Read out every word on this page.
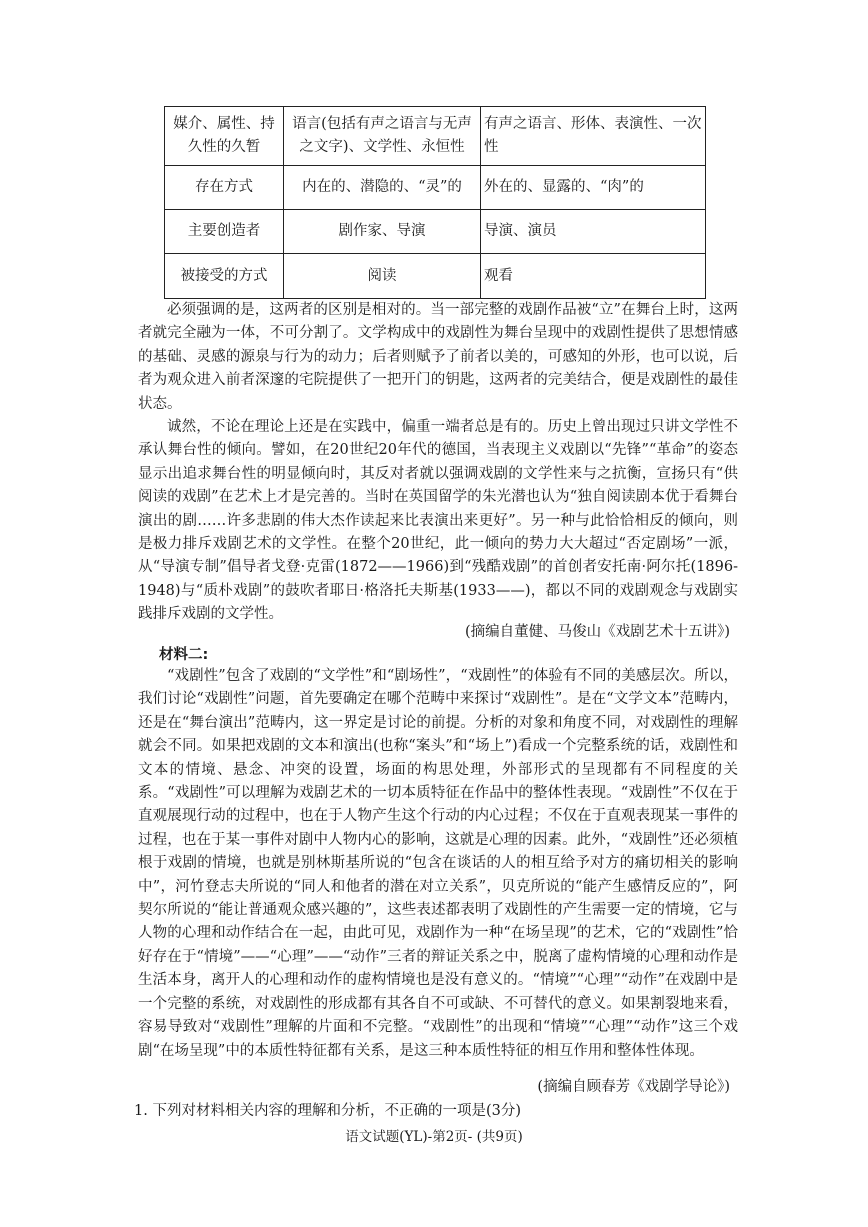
媒介、属性、持久性的久暂	语言(包括有声之语言与无声之文字)、文学性、永恒性	有声之语言、形体、表演性、一次性
存在方式	内在的、潜隐的、“灵”的	外在的、显露的、“肉”的
主要创造者	剧作家、导演	导演、演员
被接受的方式	阅读	观看

必须强调的是，这两者的区别是相对的。当一部完整的戏剧作品被“立”在舞台上时，这两者就完全融为一体，不可分割了。文学构成中的戏剧性为舞台呈现中的戏剧性提供了思想情感的基础、灵感的源泉与行为的动力；后者则赋予了前者以美的，可感知的外形，也可以说，后者为观众进入前者深邃的宅院提供了一把开门的钥匙，这两者的完美结合，便是戏剧性的最佳状态。

诚然，不论在理论上还是在实践中，偏重一端者总是有的。历史上曾出现过只讲文学性不承认舞台性的倾向。譬如，在20世纪20年代的德国，当表现主义戏剧以“先锋”“革命”的姿态显示出追求舞台性的明显倾向时，其反对者就以强调戏剧的文学性来与之抗衡，宣扬只有“供阅读的戏剧”在艺术上才是完善的。当时在英国留学的朱光潜也认为“独自阅读剧本优于看舞台演出的剧……许多悲剧的伟大杰作读起来比表演出来更好”。另一种与此恰恰相反的倾向，则是极力排斥戏剧艺术的文学性。在整个20世纪，此一倾向的势力大大超过“否定剧场”一派，从“导演专制”倡导者戈登·克雷(1872——1966)到“残酷戏剧”的首创者安托南·阿尔托(1896-1948)与“质朴戏剧”的鼓吹者耶日·格洛托夫斯基(1933——)，都以不同的戏剧观念与戏剧实践排斥戏剧的文学性。

(摘编自董健、马俊山《戏剧艺术十五讲》)
材料二:

“戏剧性”包含了戏剧的“文学性”和“剧场性”，“戏剧性”的体验有不同的美感层次。所以，我们讨论“戏剧性”问题，首先要确定在哪个范畴中来探讨“戏剧性”。是在“文学文本”范畴内，还是在“舞台演出”范畴内，这一界定是讨论的前提。分析的对象和角度不同，对戏剧性的理解就会不同。如果把戏剧的文本和演出(也称“案头”和“场上”)看成一个完整系统的话，戏剧性和文本的情境、悬念、冲突的设置，场面的构思处理，外部形式的呈现都有不同程度的关系。“戏剧性”可以理解为戏剧艺术的一切本质特征在作品中的整体性表现。“戏剧性”不仅在于直观展现行动的过程中，也在于人物产生这个行动的内心过程；不仅在于直观表现某一事件的过程，也在于某一事件对剧中人物内心的影响，这就是心理的因素。此外，“戏剧性”还必须植根于戏剧的情境，也就是别林斯基所说的“包含在谈话的人的相互给予对方的痛切相关的影响中”，河竹登志夫所说的“同人和他者的潜在对立关系”，贝克所说的“能产生感情反应的”，阿契尔所说的“能让普通观众感兴趣的”，这些表述都表明了戏剧性的产生需要一定的情境，它与人物的心理和动作结合在一起，由此可见，戏剧作为一种“在场呈现”的艺术，它的“戏剧性”恰好存在于“情境”——“心理”——“动作”三者的辩证关系之中，脱离了虚构情境的心理和动作是生活本身，离开人的心理和动作的虚构情境也是没有意义的。“情境”“心理”“动作”在戏剧中是一个完整的系统，对戏剧性的形成都有其各自不可或缺、不可替代的意义。如果割裂地来看，容易导致对“戏剧性”理解的片面和不完整。“戏剧性”的出现和“情境”“心理”“动作”这三个戏剧“在场呈现”中的本质性特征都有关系，是这三种本质性特征的相互作用和整体性体现。

(摘编自顾春芳《戏剧学导论》)
1. 下列对材料相关内容的理解和分析，不正确的一项是(3分)
语文试题(YL)-第2页- (共9页)
